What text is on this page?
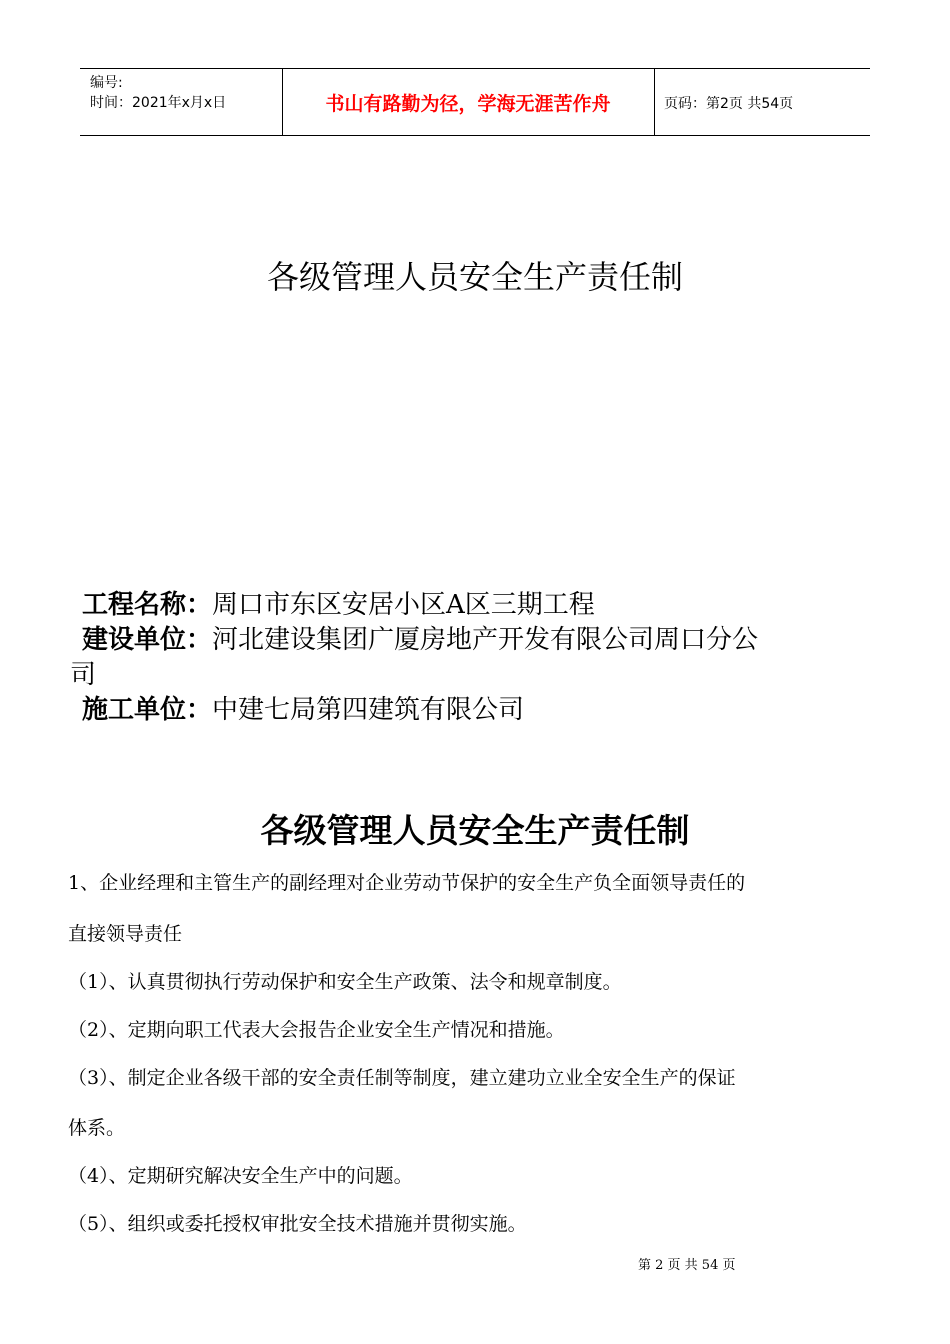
编号:
时间：2021年x月x日	书山有路勤为径，学海无涯苦作舟	页码：第2页 共54页
各级管理人员安全生产责任制
工程名称：周口市东区安居小区A区三期工程
建设单位：河北建设集团广厦房地产开发有限公司周口分公
司
施工单位：中建七局第四建筑有限公司
各级管理人员安全生产责任制
1、企业经理和主管生产的副经理对企业劳动节保护的安全生产负全面领导责任的
直接领导责任
（1）、认真贯彻执行劳动保护和安全生产政策、法令和规章制度。
（2）、定期向职工代表大会报告企业安全生产情况和措施。
（3）、制定企业各级干部的安全责任制等制度，建立建功立业全安全生产的保证
体系。
（4）、定期研究解决安全生产中的问题。
（5）、组织或委托授权审批安全技术措施并贯彻实施。
第 2 页 共 54 页
